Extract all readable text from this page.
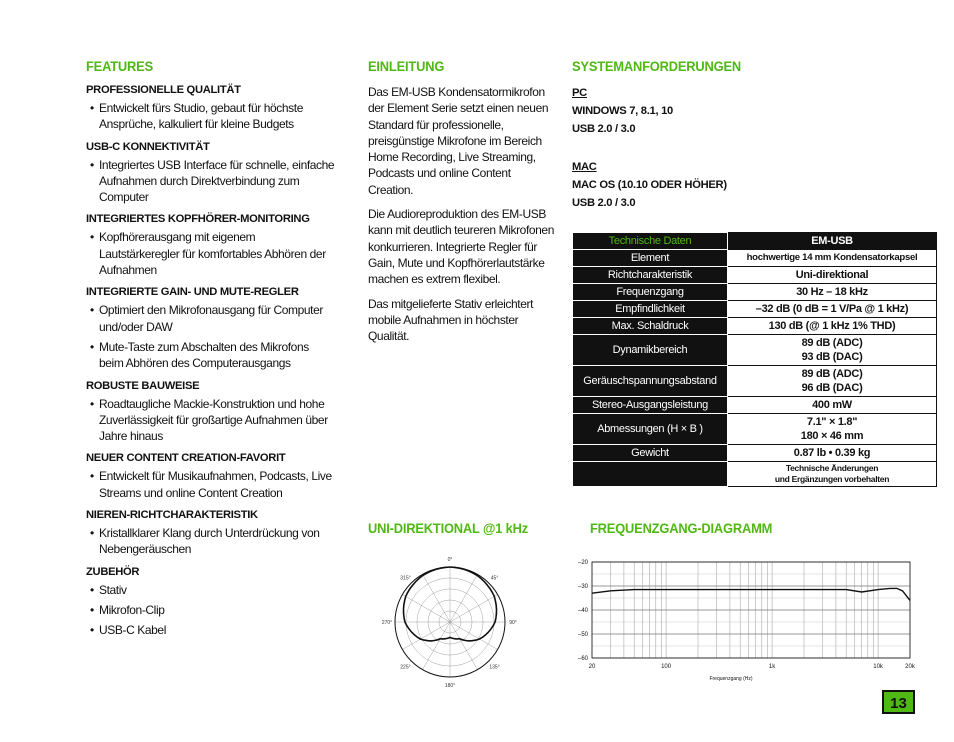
FEATURES
PROFESSIONELLE QUALITÄT
• Entwickelt fürs Studio, gebaut für höchste Ansprüche, kalkuliert für kleine Budgets
USB-C KONNEKTIVITÄT
• Integriertes USB Interface für schnelle, einfache Aufnahmen durch Direktverbindung zum Computer
INTEGRIERTES KOPFHÖRER-MONITORING
• Kopfhörerausgang mit eigenem Lautstärkeregler für komfortables Abhören der Aufnahmen
INTEGRIERTE GAIN- UND MUTE-REGLER
• Optimiert den Mikrofonausgang für Computer und/oder DAW
• Mute-Taste zum Abschalten des Mikrofons beim Abhören des Computerausgangs
ROBUSTE BAUWEISE
• Roadtaugliche Mackie-Konstruktion und hohe Zuverlässigkeit für großartige Aufnahmen über Jahre hinaus
NEUER CONTENT CREATION-FAVORIT
• Entwickelt für Musikaufnahmen, Podcasts, Live Streams und online Content Creation
NIEREN-RICHTCHARAKTERISTIK
• Kristallklarer Klang durch Unterdrückung von Nebengeräuschen
ZUBEHÖR
• Stativ
• Mikrofon-Clip
• USB-C Kabel
EINLEITUNG

Das EM-USB Kondensatormikrofon der Element Serie setzt einen neuen Standard für professionelle, preisgünstige Mikrofone im Bereich Home Recording, Live Streaming, Podcasts und online Content Creation.

Die Audioreproduktion des EM-USB kann mit deutlich teureren Mikrofonen konkurrieren. Integrierte Regler für Gain, Mute und Kopfhörerlautstärke machen es extrem flexibel.

Das mitgelieferte Stativ erleichtert mobile Aufnahmen in höchster Qualität.

SYSTEMANFORDERUNGEN
PC
WINDOWS 7, 8.1, 10
USB 2.0 / 3.0
MAC
MAC OS (10.10 ODER HÖHER)
USB 2.0 / 3.0
Technische Daten	EM-USB
Element	hochwertige 14 mm Kondensatorkapsel

Richtcharakteristik	Uni-direktional

Frequenzgang	30 Hz – 18 kHz

Empfindlichkeit	–32 dB (0 dB = 1 V/Pa @ 1 kHz)

Max. Schaldruck	130 dB (@ 1 kHz 1% THD)

Dynamikbereich	89 dB (ADC)
93 dB (DAC)

Geräuschspannungsabstand	89 dB (ADC)
96 dB (DAC)

Stereo-Ausgangsleistung	400 mW

Abmessungen (H × B )	7.1" × 1.8"
180 × 46 mm

Gewicht	0.87 lb • 0.39 kg

	Technische Änderungen
und Ergänzungen vorbehalten
UNI-DIREKTIONAL @1 kHz
0°
45°
90°
135°
180°
225°
270°
315°
FREQUENZGANG-DIAGRAMM
–20
–30
–40
–50
–60
20	100	1k	10k	20k
Frequenzgang (Hz)
13
